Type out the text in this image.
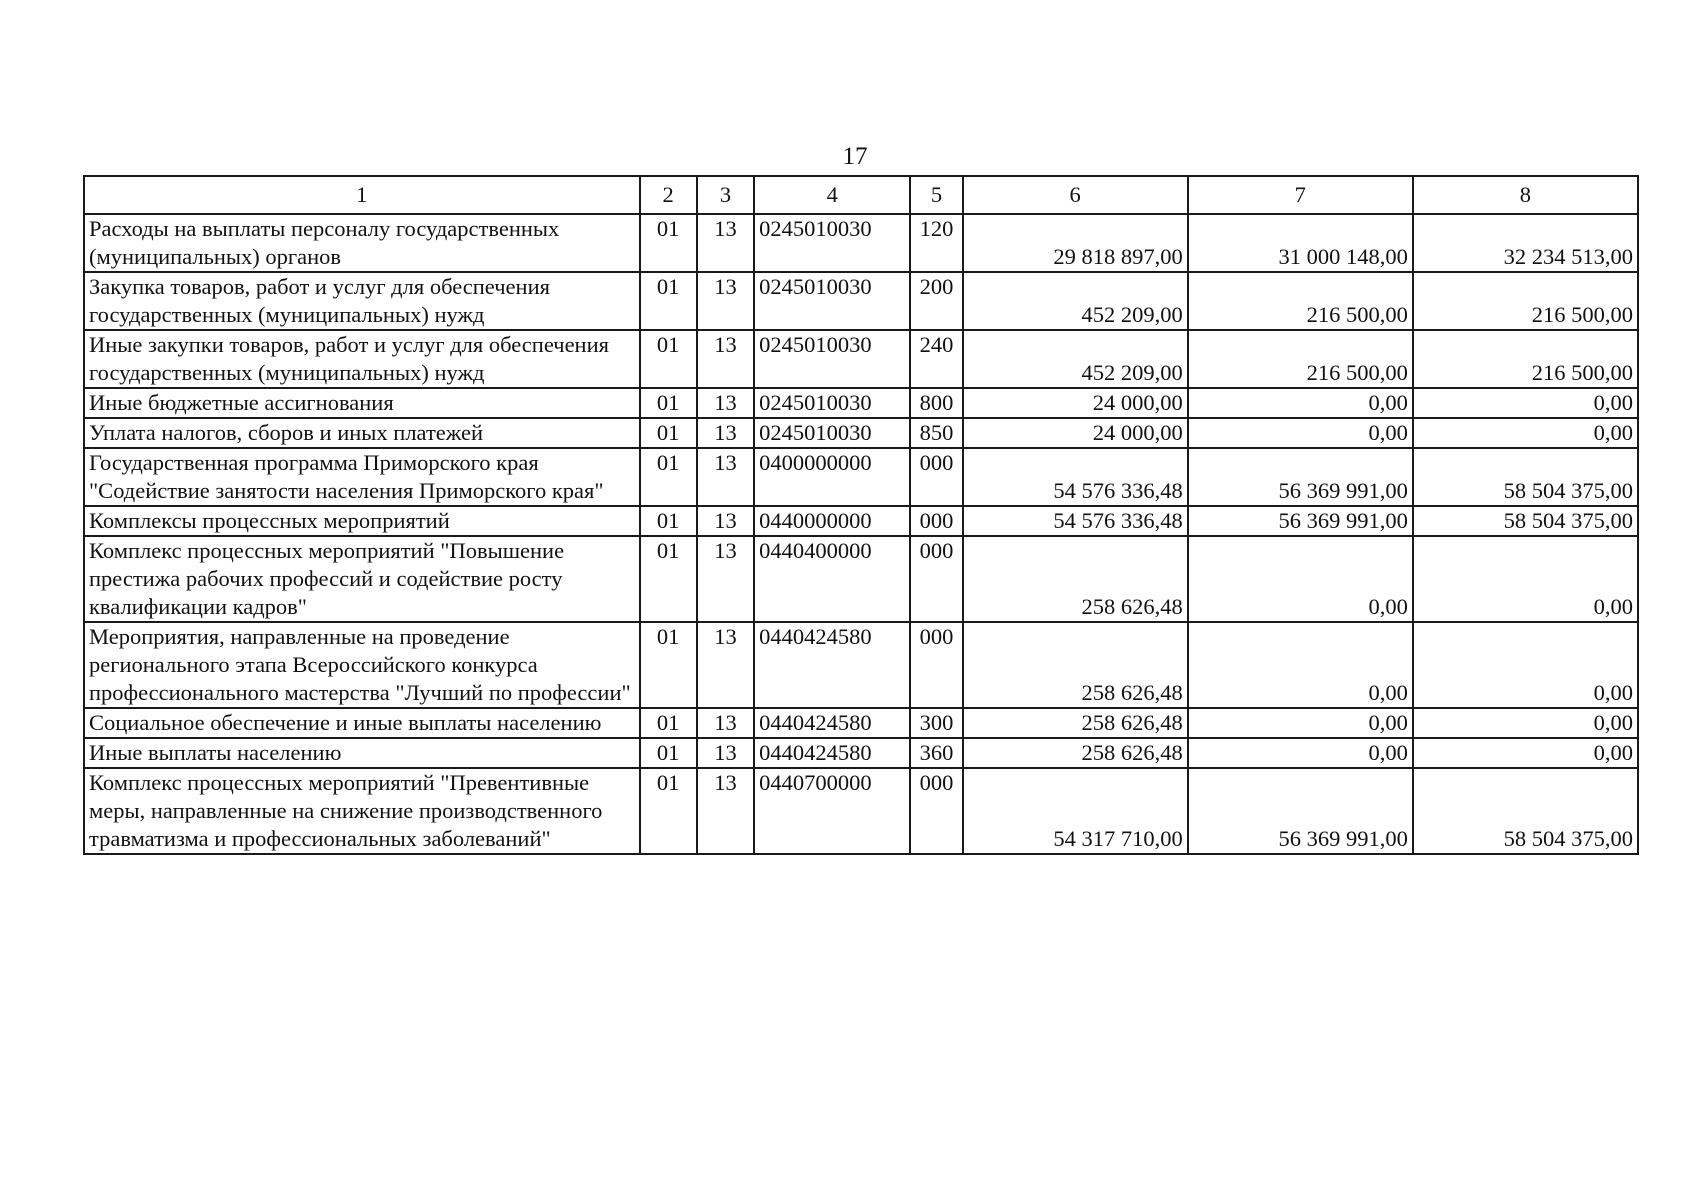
17
1	2	3	4	5	6	7	8
Расходы на выплаты персоналу государственных (муниципальных) органов	01	13	0245010030	120	29 818 897,00	31 000 148,00	32 234 513,00
Закупка товаров, работ и услуг для обеспечения государственных (муниципальных) нужд	01	13	0245010030	200	452 209,00	216 500,00	216 500,00
Иные закупки товаров, работ и услуг для обеспечения государственных (муниципальных) нужд	01	13	0245010030	240	452 209,00	216 500,00	216 500,00
Иные бюджетные ассигнования	01	13	0245010030	800	24 000,00	0,00	0,00
Уплата налогов, сборов и иных платежей	01	13	0245010030	850	24 000,00	0,00	0,00
Государственная программа Приморского края "Содействие занятости населения Приморского края"	01	13	0400000000	000	54 576 336,48	56 369 991,00	58 504 375,00
Комплексы процессных мероприятий	01	13	0440000000	000	54 576 336,48	56 369 991,00	58 504 375,00
Комплекс процессных мероприятий "Повышение престижа рабочих профессий и содействие росту квалификации кадров"	01	13	0440400000	000	258 626,48	0,00	0,00
Мероприятия, направленные на проведение регионального этапа Всероссийского конкурса профессионального мастерства "Лучший по профессии"	01	13	0440424580	000	258 626,48	0,00	0,00
Социальное обеспечение и иные выплаты населению	01	13	0440424580	300	258 626,48	0,00	0,00
Иные выплаты населению	01	13	0440424580	360	258 626,48	0,00	0,00
Комплекс процессных мероприятий "Превентивные меры, направленные на снижение производственного травматизма и профессиональных заболеваний"	01	13	0440700000	000	54 317 710,00	56 369 991,00	58 504 375,00
